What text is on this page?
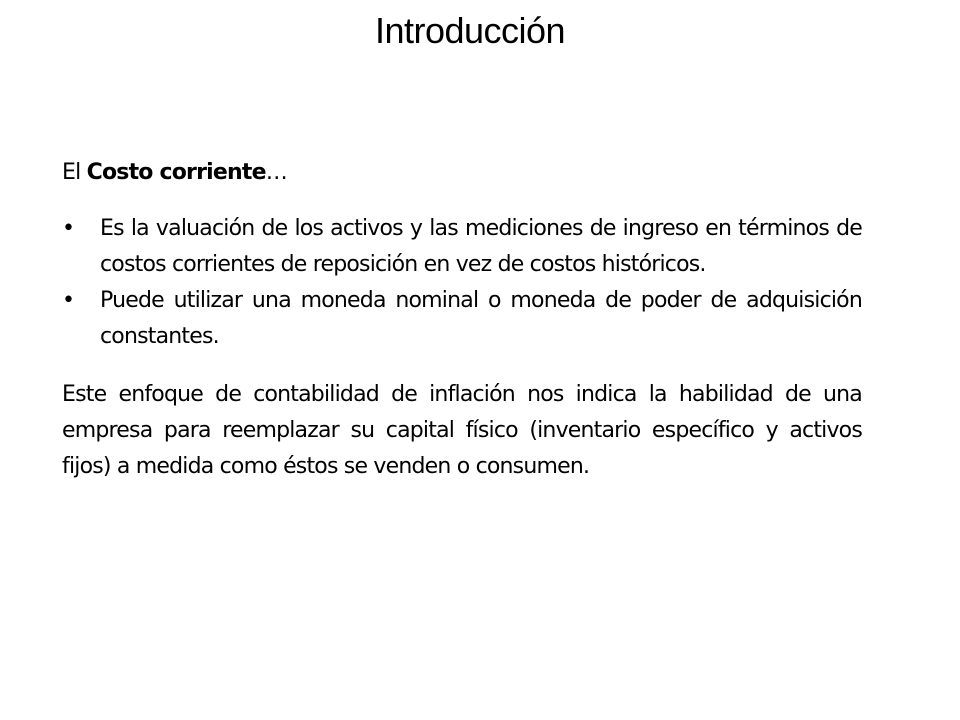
Introducción

El Costo corriente…

• Es la valuación de los activos y las mediciones de ingreso en términos de costos corrientes de reposición en vez de costos históricos.
• Puede utilizar una moneda nominal o moneda de poder de adquisición constantes.

Este enfoque de contabilidad de inflación nos indica la habilidad de una empresa para reemplazar su capital físico (inventario específico y activos fijos) a medida como éstos se venden o consumen.
